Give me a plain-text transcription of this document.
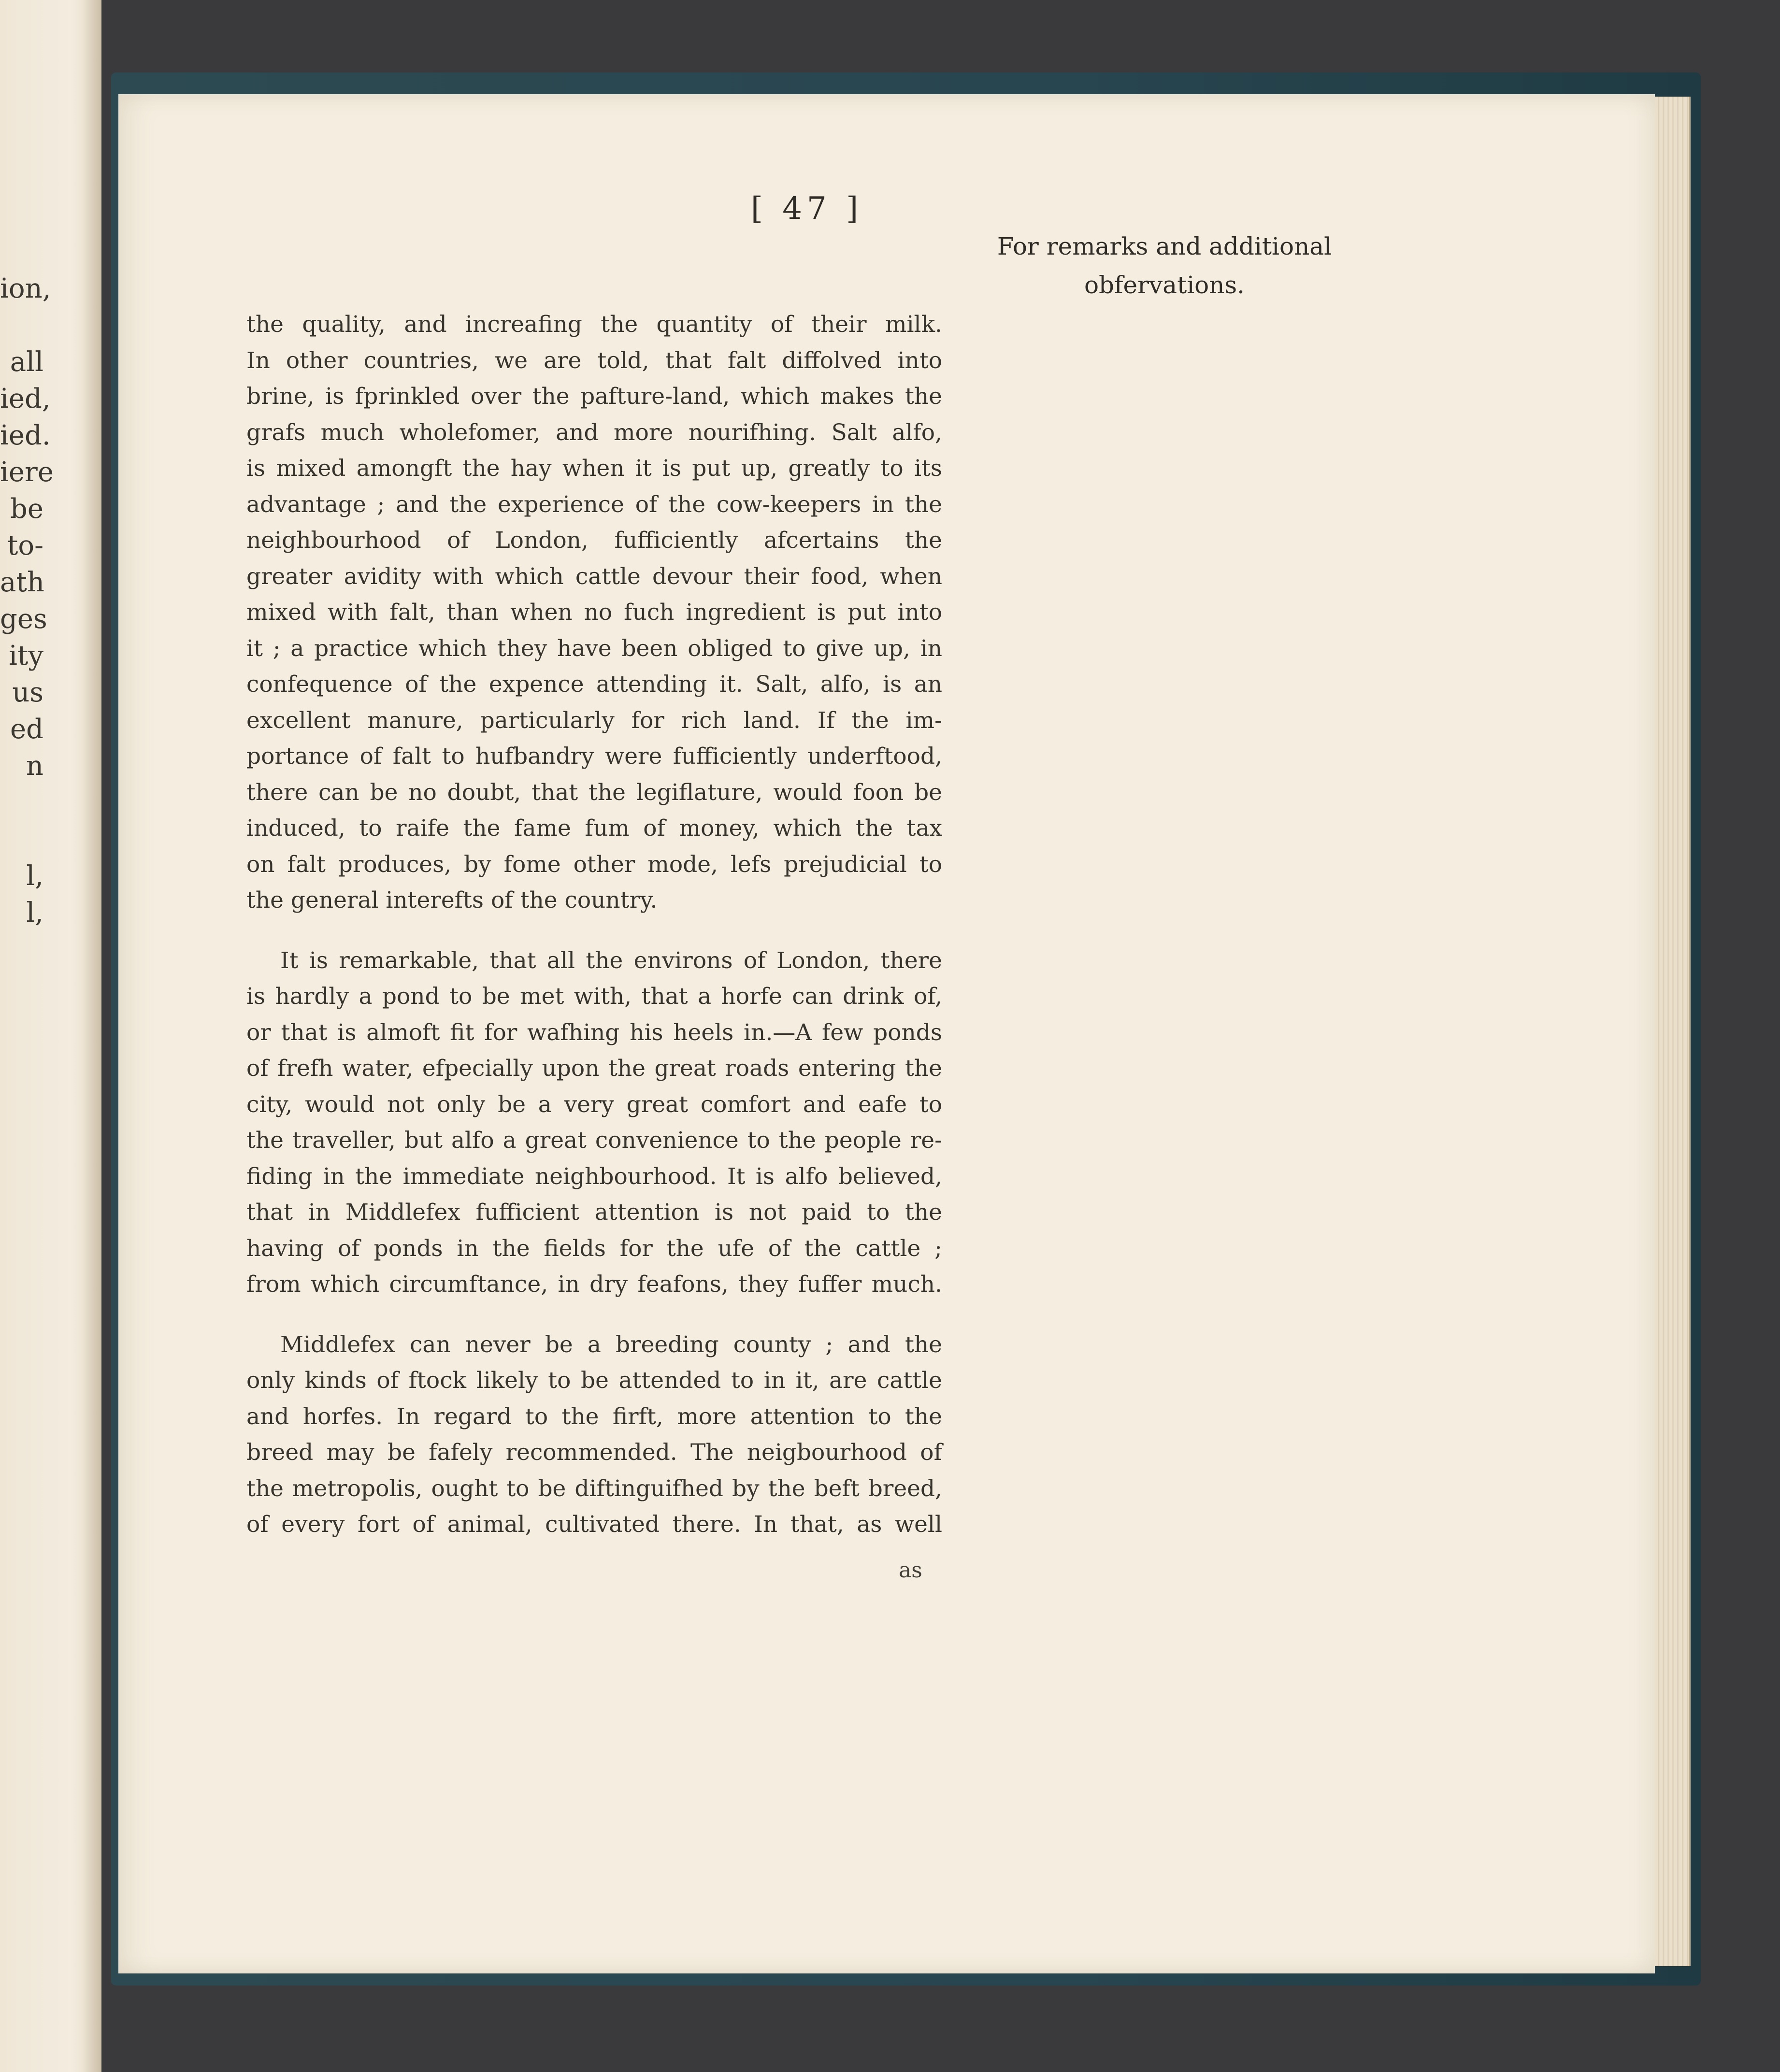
ion,
all
ied,
ied.
iere
be
to-
ath
ges
ity
us
ed
n
l,
l,
[ 47 ]
For remarks and additional
obfervations.
the quality, and increafing the quantity of their milk.
In other countries, we are told, that falt diffolved into
brine, is fprinkled over the pafture-land, which makes the
grafs much wholefomer, and more nourifhing. Salt alfo,
is mixed amongft the hay when it is put up, greatly to its
advantage ; and the experience of the cow-keepers in the
neighbourhood of London, fufficiently afcertains the
greater avidity with which cattle devour their food, when
mixed with falt, than when no fuch ingredient is put into
it ; a practice which they have been obliged to give up, in
confequence of the expence attending it. Salt, alfo, is an
excellent manure, particularly for rich land. If the im-
portance of falt to hufbandry were fufficiently underftood,
there can be no doubt, that the legiflature, would foon be
induced, to raife the fame fum of money, which the tax
on falt produces, by fome other mode, lefs prejudicial to
the general interefts of the country.
It is remarkable, that all the environs of London, there
is hardly a pond to be met with, that a horfe can drink of,
or that is almoft fit for wafhing his heels in.—A few ponds
of frefh water, efpecially upon the great roads entering the
city, would not only be a very great comfort and eafe to
the traveller, but alfo a great convenience to the people re-
fiding in the immediate neighbourhood. It is alfo believed,
that in Middlefex fufficient attention is not paid to the
having of ponds in the fields for the ufe of the cattle ;
from which circumftance, in dry feafons, they fuffer much.
Middlefex can never be a breeding county ; and the
only kinds of ftock likely to be attended to in it, are cattle
and horfes. In regard to the firft, more attention to the
breed may be fafely recommended. The neigbourhood of
the metropolis, ought to be diftinguifhed by the beft breed,
of every fort of animal, cultivated there. In that, as well
as
